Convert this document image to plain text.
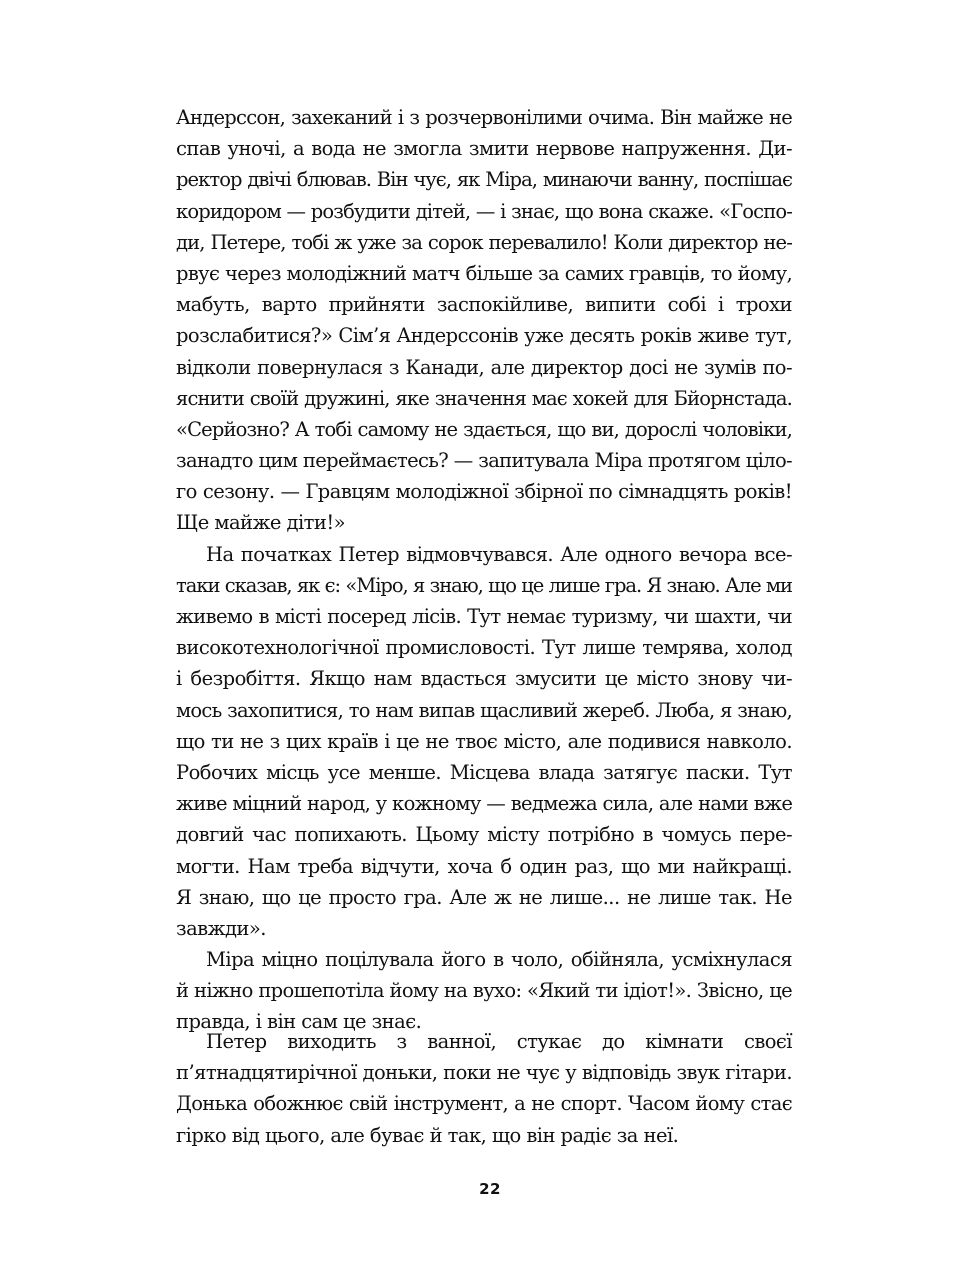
Андерссон, захеканий і з розчервонілими очима. Він майже не
спав уночі, а вода не змогла змити нервове напруження. Ди-
ректор двічі блював. Він чує, як Міра, минаючи ванну, поспішає
коридором — розбудити дітей, — і знає, що вона скаже. «Госпо-
ди, Петере, тобі ж уже за сорок перевалило! Коли директор не-
рвує через молодіжний матч більше за самих гравців, то йому,
мабуть, варто прийняти заспокійливе, випити собі і трохи
розслабитися?» Сім’я Андерссонів уже десять років живе тут,
відколи повернулася з Канади, але директор досі не зумів по-
яснити своїй дружині, яке значення має хокей для Бйорнстада.
«Серйозно? А тобі самому не здається, що ви, дорослі чоловіки,
занадто цим переймаєтесь? — запитувала Міра протягом ціло-
го сезону. — Гравцям молодіжної збірної по сімнадцять років!
Ще майже діти!»
На початках Петер відмовчувався. Але одного вечора все-
таки сказав, як є: «Міро, я знаю, що це лише гра. Я знаю. Але ми
живемо в місті посеред лісів. Тут немає туризму, чи шахти, чи
високотехнологічної промисловості. Тут лише темрява, холод
і безробіття. Якщо нам вдасться змусити це місто знову чи-
мось захопитися, то нам випав щасливий жереб. Люба, я знаю,
що ти не з цих країв і це не твоє місто, але подивися навколо.
Робочих місць усе менше. Місцева влада затягує паски. Тут
живе міцний народ, у кожному — ведмежа сила, але нами вже
довгий час попихають. Цьому місту потрібно в чомусь пере-
могти. Нам треба відчути, хоча б один раз, що ми найкращі.
Я знаю, що це просто гра. Але ж не лише... не лише так. Не
завжди».
Міра міцно поцілувала його в чоло, обійняла, усміхнулася
й ніжно прошепотіла йому на вухо: «Який ти ідіот!». Звісно, це
правда, і він сам це знає.
Петер виходить з ванної, стукає до кімнати своєї
п’ятнадцятирічної доньки, поки не чує у відповідь звук гітари.
Донька обожнює свій інструмент, а не спорт. Часом йому стає
гірко від цього, але буває й так, що він радіє за неї.
22
